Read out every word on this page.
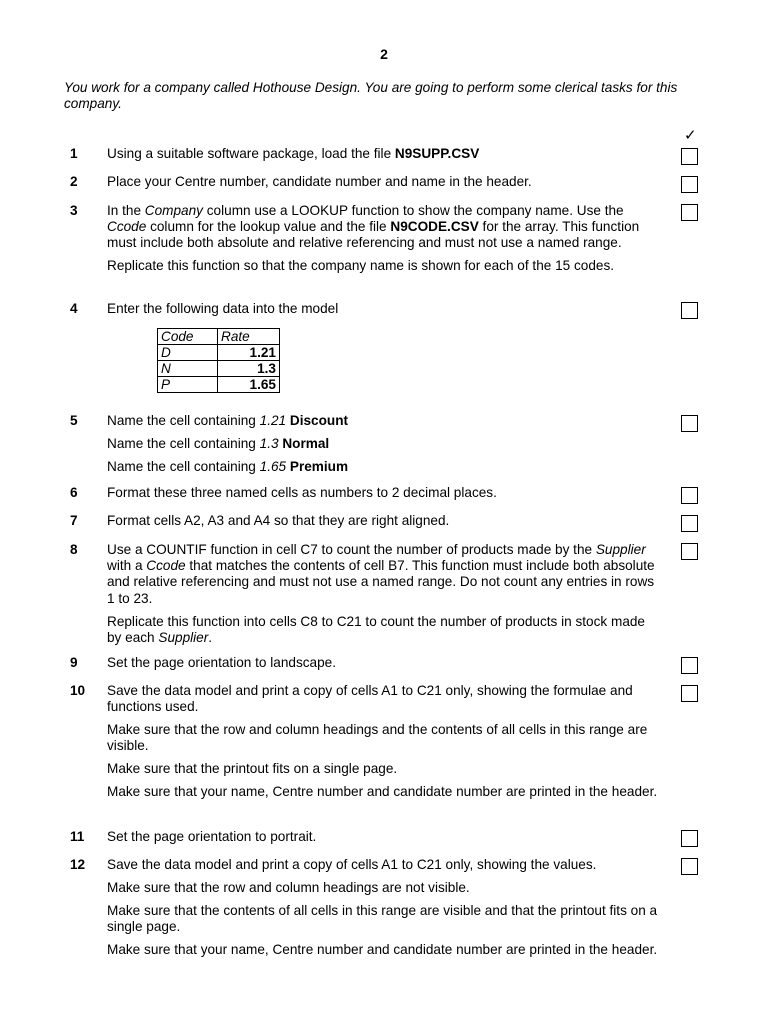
2
You work for a company called Hothouse Design. You are going to perform some clerical tasks for this company.
✓
1 Using a suitable software package, load the file N9SUPP.CSV

2 Place your Centre number, candidate number and name in the header.

3 In the Company column use a LOOKUP function to show the company name. Use the Ccode column for the lookup value and the file N9CODE.CSV for the array. This function must include both absolute and relative referencing and must not use a named range.

Replicate this function so that the company name is shown for each of the 15 codes.

4 Enter the following data into the model

Code	Rate
D	1.21
N	1.3
P	1.65
5 Name the cell containing 1.21 Discount

Name the cell containing 1.3 Normal

Name the cell containing 1.65 Premium

6 Format these three named cells as numbers to 2 decimal places.

7 Format cells A2, A3 and A4 so that they are right aligned.

8 Use a COUNTIF function in cell C7 to count the number of products made by the Supplier with a Ccode that matches the contents of cell B7. This function must include both absolute and relative referencing and must not use a named range. Do not count any entries in rows 1 to 23.

Replicate this function into cells C8 to C21 to count the number of products in stock made by each Supplier.

9 Set the page orientation to landscape.

10 Save the data model and print a copy of cells A1 to C21 only, showing the formulae and functions used.

Make sure that the row and column headings and the contents of all cells in this range are visible.

Make sure that the printout fits on a single page.

Make sure that your name, Centre number and candidate number are printed in the header.

11 Set the page orientation to portrait.

12 Save the data model and print a copy of cells A1 to C21 only, showing the values.

Make sure that the row and column headings are not visible.

Make sure that the contents of all cells in this range are visible and that the printout fits on a single page.

Make sure that your name, Centre number and candidate number are printed in the header.
